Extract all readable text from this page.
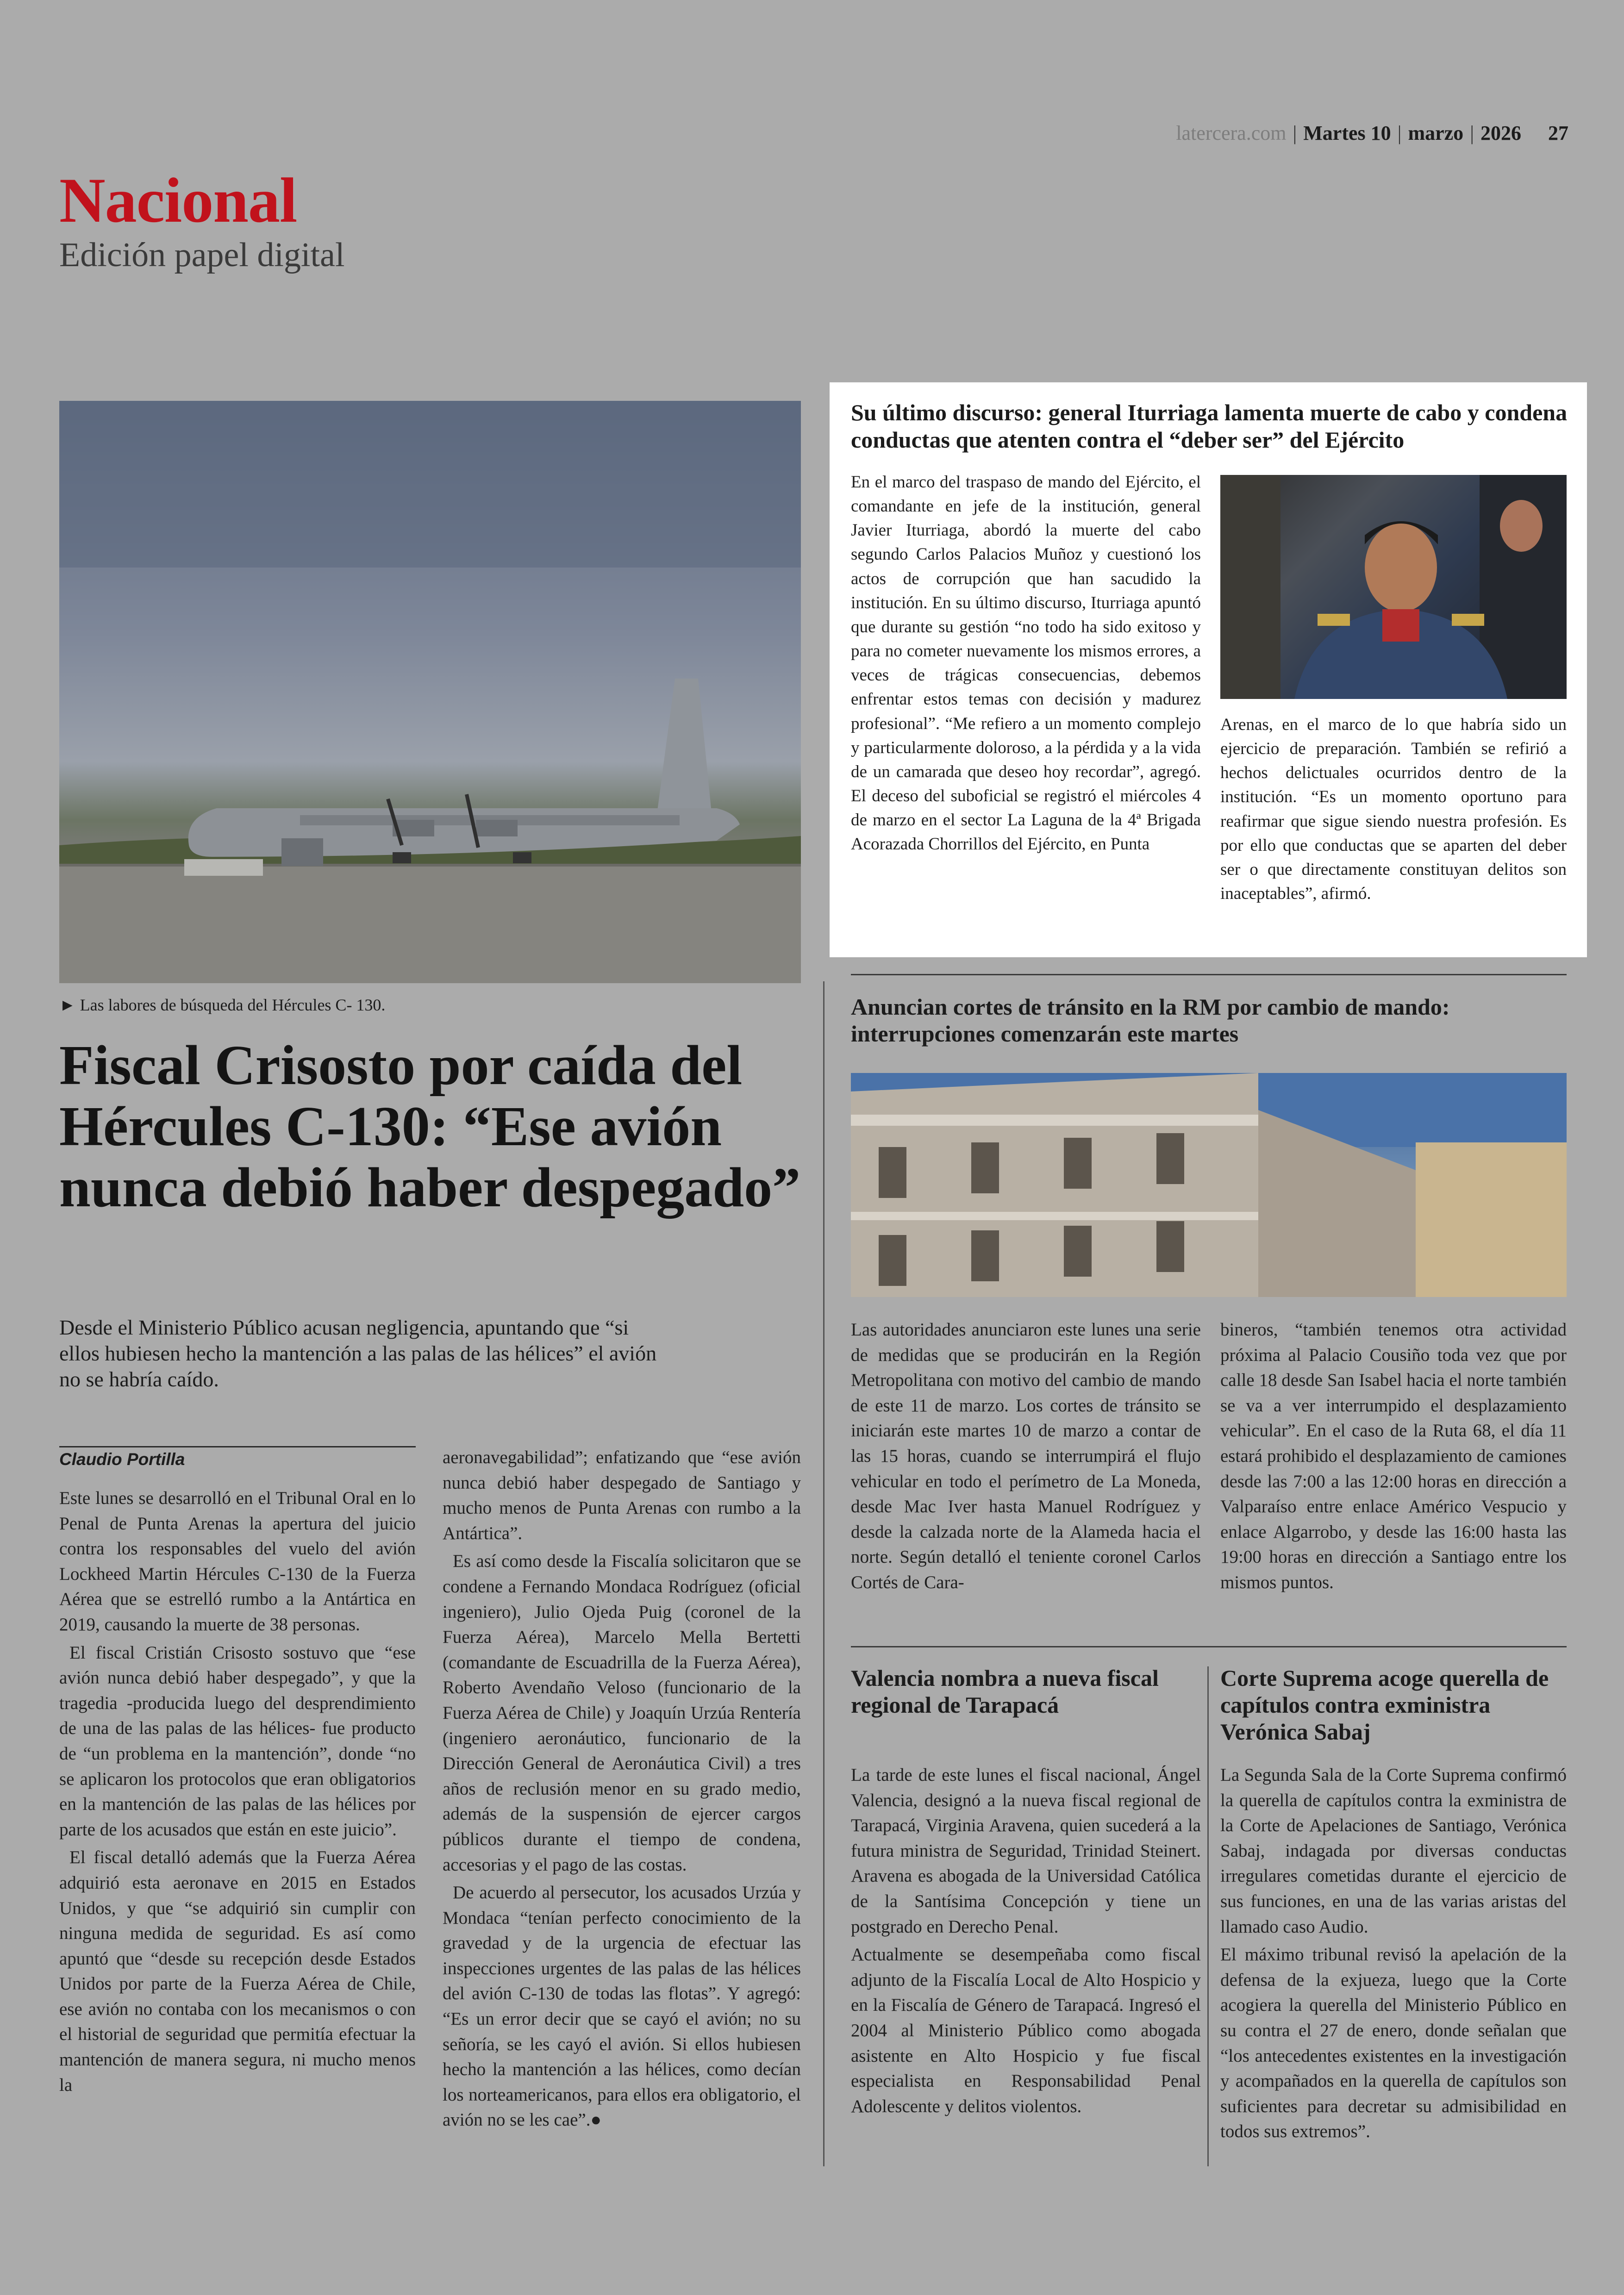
latercera.com | Martes 10 | marzo | 2026 27
Nacional
Edición papel digital
► Las labores de búsqueda del Hércules C- 130.
Fiscal Crisosto por caída del Hércules C-130: “Ese avión nunca debió haber despegado”
Desde el Ministerio Público acusan negligencia, apuntando que “si ellos hubiesen hecho la mantención a las palas de las hélices” el avión no se habría caído.
Claudio Portilla

Este lunes se desarrolló en el Tribunal Oral en lo Penal de Punta Arenas la apertura del juicio contra los responsables del vuelo del avión Lockheed Martin Hércules C-130 de la Fuerza Aérea que se estrelló rumbo a la Antártica en 2019, causando la muerte de 38 personas.

El fiscal Cristián Crisosto sostuvo que “ese avión nunca debió haber despegado”, y que la tragedia -producida luego del desprendimiento de una de las palas de las hélices- fue producto de “un problema en la mantención”, donde “no se aplicaron los protocolos que eran obligatorios en la mantención de las palas de las hélices por parte de los acusados que están en este juicio”.

El fiscal detalló además que la Fuerza Aérea adquirió esta aeronave en 2015 en Estados Unidos, y que “se adquirió sin cumplir con ninguna medida de seguridad. Es así como apuntó que “desde su recepción desde Estados Unidos por parte de la Fuerza Aérea de Chile, ese avión no contaba con los mecanismos o con el historial de seguridad que permitía efectuar la mantención de manera segura, ni mucho menos la

aeronavegabilidad”; enfatizando que “ese avión nunca debió haber despegado de Santiago y mucho menos de Punta Arenas con rumbo a la Antártica”.

Es así como desde la Fiscalía solicitaron que se condene a Fernando Mondaca Rodríguez (oficial ingeniero), Julio Ojeda Puig (coronel de la Fuerza Aérea), Marcelo Mella Bertetti (comandante de Escuadrilla de la Fuerza Aérea), Roberto Avendaño Veloso (funcionario de la Fuerza Aérea de Chile) y Joaquín Urzúa Rentería (ingeniero aeronáutico, funcionario de la Dirección General de Aeronáutica Civil) a tres años de reclusión menor en su grado medio, además de la suspensión de ejercer cargos públicos durante el tiempo de condena, accesorias y el pago de las costas.

De acuerdo al persecutor, los acusados Urzúa y Mondaca “tenían perfecto conocimiento de la gravedad y de la urgencia de efectuar las inspecciones urgentes de las palas de las hélices del avión C-130 de todas las flotas”. Y agregó: “Es un error decir que se cayó el avión; no su señoría, se les cayó el avión. Si ellos hubiesen hecho la mantención a las hélices, como decían los norteamericanos, para ellos era obligatorio, el avión no se les cae”.●

Su último discurso: general Iturriaga lamenta muerte de cabo y condena conductas que atenten contra el “deber ser” del Ejército

En el marco del traspaso de mando del Ejército, el comandante en jefe de la institución, general Javier Iturriaga, abordó la muerte del cabo segundo Carlos Palacios Muñoz y cuestionó los actos de corrupción que han sacudido la institución. En su último discurso, Iturriaga apuntó que durante su gestión “no todo ha sido exitoso y para no cometer nuevamente los mismos errores, a veces de trágicas consecuencias, debemos enfrentar estos temas con decisión y madurez profesional”. “Me refiero a un momento complejo y particularmente doloroso, a la pérdida y a la vida de un camarada que deseo hoy recordar”, agregó. El deceso del suboficial se registró el miércoles 4 de marzo en el sector La Laguna de la 4ª Brigada Acorazada Chorrillos del Ejército, en Punta

Arenas, en el marco de lo que habría sido un ejercicio de preparación. También se refirió a hechos delictuales ocurridos dentro de la institución. “Es un momento oportuno para reafirmar que sigue siendo nuestra profesión. Es por ello que conductas que se aparten del deber ser o que directamente constituyan delitos son inaceptables”, afirmó.

Anuncian cortes de tránsito en la RM por cambio de mando: interrupciones comenzarán este martes

Las autoridades anunciaron este lunes una serie de medidas que se producirán en la Región Metropolitana con motivo del cambio de mando de este 11 de marzo. Los cortes de tránsito se iniciarán este martes 10 de marzo a contar de las 15 horas, cuando se interrumpirá el flujo vehicular en todo el perímetro de La Moneda, desde Mac Iver hasta Manuel Rodríguez y desde la calzada norte de la Alameda hacia el norte. Según detalló el teniente coronel Carlos Cortés de Cara-

bineros, “también tenemos otra actividad próxima al Palacio Cousiño toda vez que por calle 18 desde San Isabel hacia el norte también se va a ver interrumpido el desplazamiento vehicular”. En el caso de la Ruta 68, el día 11 estará prohibido el desplazamiento de camiones desde las 7:00 a las 12:00 horas en dirección a Valparaíso entre enlace Américo Vespucio y enlace Algarrobo, y desde las 16:00 hasta las 19:00 horas en dirección a Santiago entre los mismos puntos.

Valencia nombra a nueva fiscal regional de Tarapacá

La tarde de este lunes el fiscal nacional, Ángel Valencia, designó a la nueva fiscal regional de Tarapacá, Virginia Aravena, quien sucederá a la futura ministra de Seguridad, Trinidad Steinert. Aravena es abogada de la Universidad Católica de la Santísima Concepción y tiene un postgrado en Derecho Penal.

Actualmente se desempeñaba como fiscal adjunto de la Fiscalía Local de Alto Hospicio y en la Fiscalía de Género de Tarapacá. Ingresó el 2004 al Ministerio Público como abogada asistente en Alto Hospicio y fue fiscal especialista en Responsabilidad Penal Adolescente y delitos violentos.

Corte Suprema acoge querella de capítulos contra exministra Verónica Sabaj

La Segunda Sala de la Corte Suprema confirmó la querella de capítulos contra la exministra de la Corte de Apelaciones de Santiago, Verónica Sabaj, indagada por diversas conductas irregulares cometidas durante el ejercicio de sus funciones, en una de las varias aristas del llamado caso Audio.

El máximo tribunal revisó la apelación de la defensa de la exjueza, luego que la Corte acogiera la querella del Ministerio Público en su contra el 27 de enero, donde señalan que “los antecedentes existentes en la investigación y acompañados en la querella de capítulos son suficientes para decretar su admisibilidad en todos sus extremos”.
